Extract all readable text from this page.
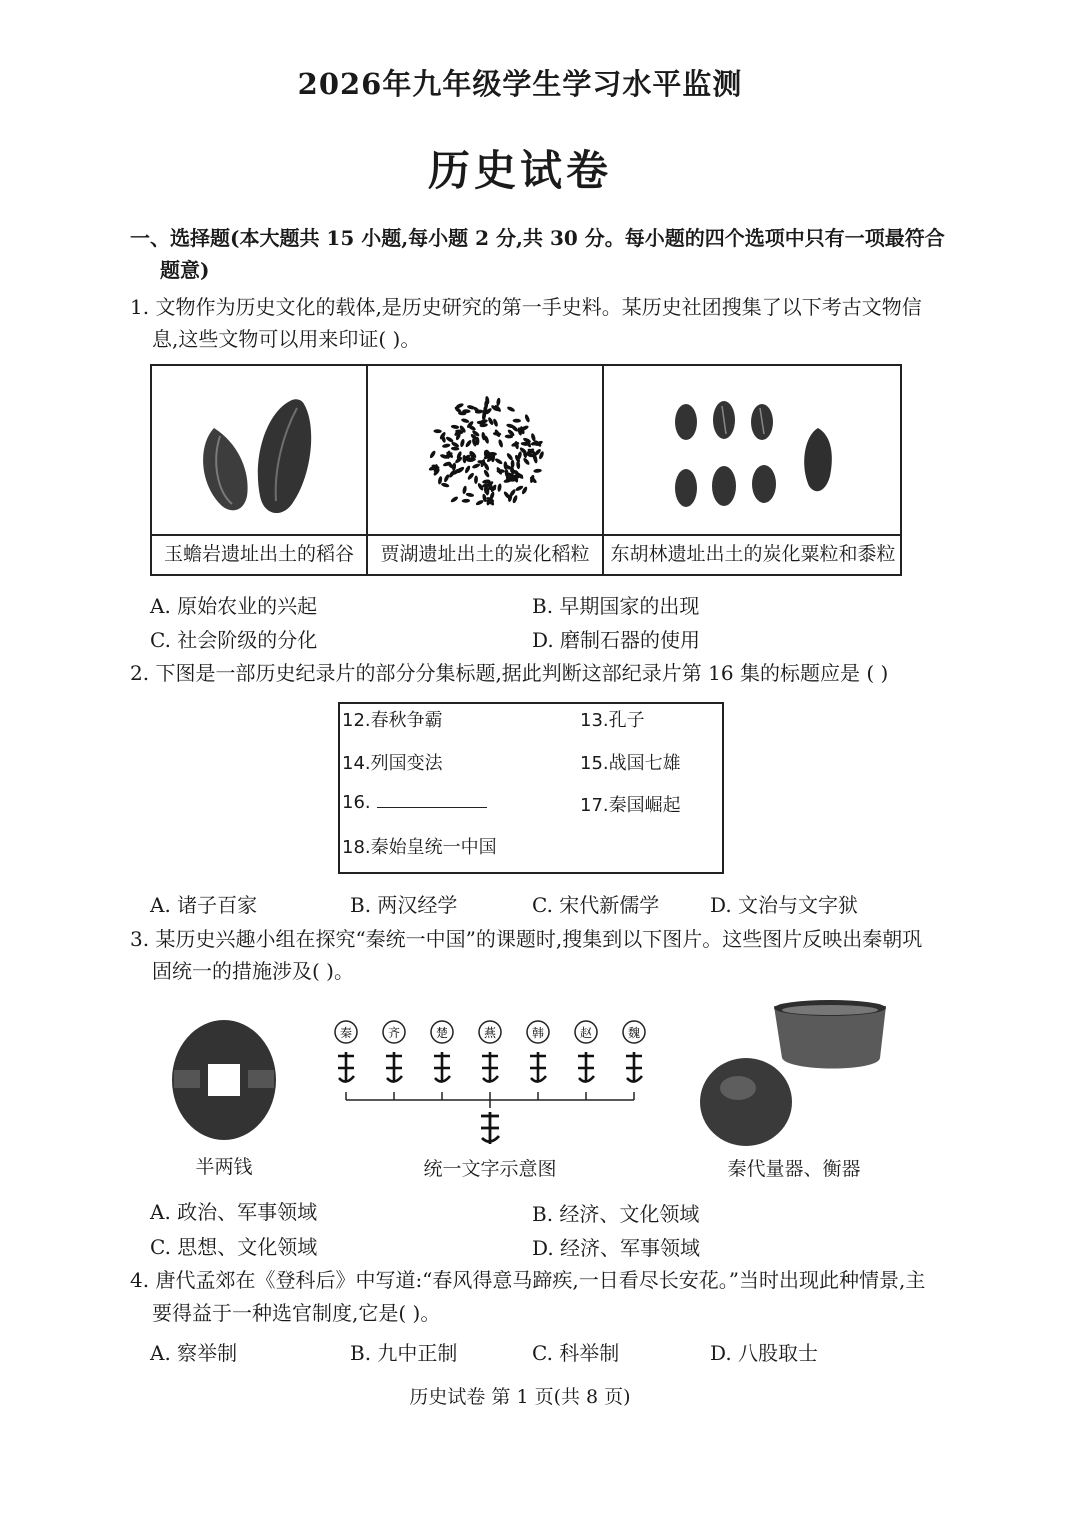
2026年九年级学生学习水平监测
历史试卷
一、选择题(本大题共 15 小题,每小题 2 分,共 30 分。每小题的四个选项中只有一项最符合
题意)
1. 文物作为历史文化的载体,是历史研究的第一手史料。某历史社团搜集了以下考古文物信
息,这些文物可以用来印证( )。
玉蟾岩遗址出土的稻谷	贾湖遗址出土的炭化稻粒	东胡林遗址出土的炭化粟粒和黍粒
A. 原始农业的兴起	B. 早期国家的出现
C. 社会阶级的分化	D. 磨制石器的使用
2. 下图是一部历史纪录片的部分分集标题,据此判断这部纪录片第 16 集的标题应是 ( )
12.春秋争霸	13.孔子
14.列国变法	15.战国七雄
16.	17.秦国崛起
18.秦始皇统一中国
A. 诸子百家	B. 两汉经学	C. 宋代新儒学	D. 文治与文字狱
3. 某历史兴趣小组在探究“秦统一中国”的课题时,搜集到以下图片。这些图片反映出秦朝巩
固统一的措施涉及( )。
半两钱
秦	齐	楚	燕	韩	赵	魏
统一文字示意图	秦代量器、衡器
A. 政治、军事领域	B. 经济、文化领域
C. 思想、文化领域	D. 经济、军事领域
4. 唐代孟郊在《登科后》中写道:“春风得意马蹄疾,一日看尽长安花。”当时出现此种情景,主
要得益于一种选官制度,它是( )。
A. 察举制	B. 九中正制	C. 科举制	D. 八股取士
历史试卷 第 1 页(共 8 页)
